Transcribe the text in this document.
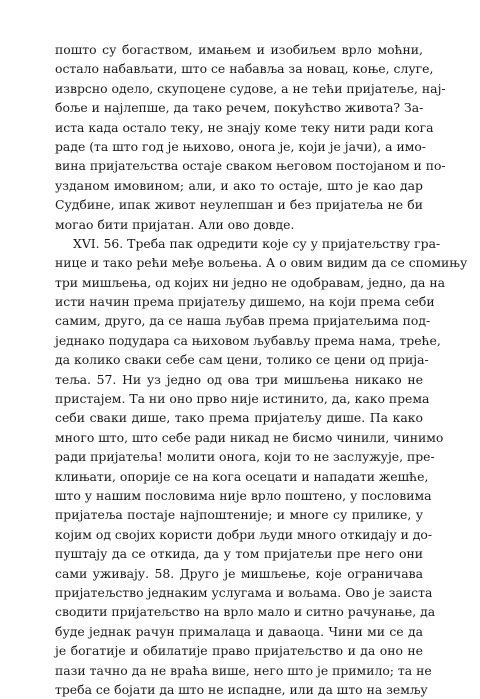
пошто су богаством, имањем и изобиљем врло моћни,
остало набављати, што се набавља за новац, коње, слуге,
изврсно одело, скупоцене судове, а не тећи пријатеље, нај-
боље и најлепше, да тако речем, покућство живота? За-
иста када остало теку, не знају коме теку нити ради кога
раде (та што год је њихово, онога је, који је јачи), а имо-
вина пријатељства остаје сваком његовом постојаном и по-
узданом имовином; али, и ако то остаје, што је као дар
Судбине, ипак живот неулепшан и без пријатеља не би
могао бити пријатан. Али ово довде.
XVI. 56. Треба пак одредити које су у пријатељству гра-
нице и тако рећи међе вољења. А о овим видим да се спомињу
три мишљења, од којих ни једно не одобравам, једно, да на
исти начин према пријатељу дишемо, на који према себи
самим, друго, да се наша љубав према пријатељима под-
једнако подудара са њиховом љубављу према нама, треће,
да колико сваки себе сам цени, толико се цени од прија-
теља. 57. Ни уз једно од ова три мишљења никако не
пристајем. Та ни оно прво није истинито, да, како према
себи сваки дише, тако према пријатељу дише. Па како
много што, што себе ради никад не бисмо чинили, чинимо
ради пријатеља! молити онога, који то не заслужује, пре-
клињати, опорије се на кога осецати и нападати жешће,
што у нашим пословима није врло поштено, у пословима
пријатеља постаје најпоштеније; и многе су прилике, у
којим од својих користи добри људи много откидају и до-
пуштају да се откида, да у том пријатељи пре него они
сами уживају. 58. Друго је мишљење, које ограничава
пријатељство једнаким услугама и вољама. Ово је заиста
сводити пријатељство на врло мало и ситно рачунање, да
буде једнак рачун прималаца и даваоца. Чини ми се да
је богатије и обилатије право пријатељство и да оно не
пази тачно да не враћа више, него што је примило; та не
треба се бојати да што не испадне, или да што на земљу
